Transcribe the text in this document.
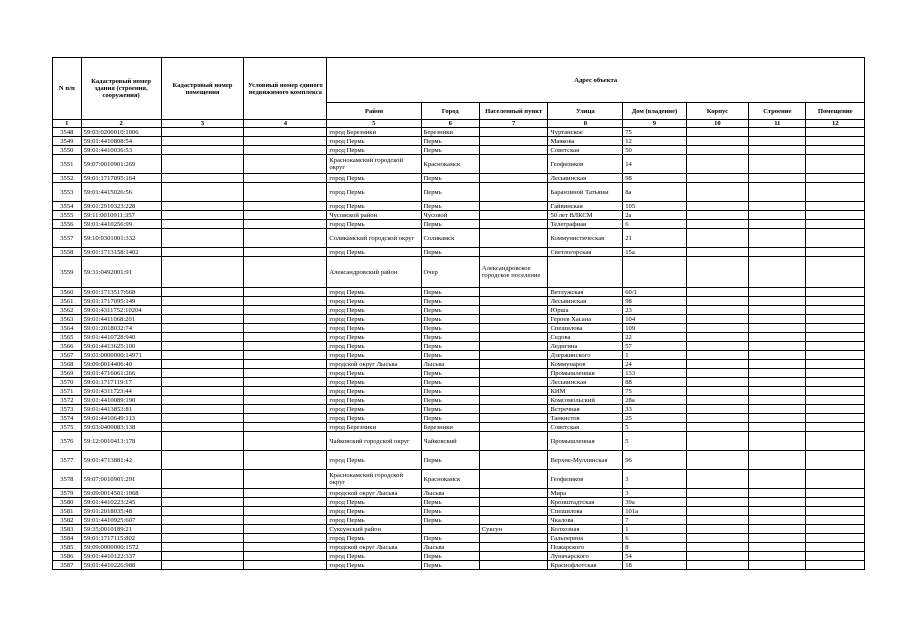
N п/п	Кадастровый номер здания (строения, сооружения)	Кадастровый номер помещения	Условный номер единого недвижимого комплекса	Адрес объекта							
				Район	Город	Населенный пункт	Улица	Дом (владение)	Корпус	Строение	Помещение
1	2	3	4	5	6	7	8	9	10	11	12
3548	59:03:0200010:1006			город Березники	Березники		Чуртанское	75			
3549	59:01:4410808:54			город Пермь	Пермь		Маякова	12			
3550	59:01:4410036:53			город Пермь	Пермь		Советская	50			
3551	59:07:0010901:269			Краснокамский городской округ	Краснокамск		Геофизиков	14			
3552	59:01:1717095:164			город Пермь	Пермь		Лесьвинская	98			
3553	59:01:4415026:56			город Пермь	Пермь		Баранзиной Татьяны	8а			
3554	59:01:2910323:228			город Пермь	Пермь		Гайвинская	105			
3555	59:11:0010911:357			Чусовской район	Чусовой		50 лет ВЛКСМ	2а			
3556	59:01:4410256:99			город Пермь	Пермь		Телеграфная	6			
3557	59:10:0301001:332			Соликамский городской округ	Соликамск		Коммунистическая	21			
3558	59:01:1713158:1402			город Пермь	Пермь		Светлогорская	15а			
3559	59:31:0492001:91			Александровский район	Очер	Александровское городское поселение					
3560	59:01:1713517:668			город Пермь	Пермь		Ветлужская	60/1			
3561	59:01:1717095:149			город Пермь	Пермь		Лесьвинская	98			
3562	59:01:4311752:10204			город Пермь	Пермь		Юрша	23			
3563	59:01:4411068:201			город Пермь	Пермь		Героев Хасана	104			
3564	59:01:2018032:74			город Пермь	Пермь		Спешилова	109			
3565	59:01:4410728:940			город Пермь	Пермь		Седова	22			
3566	59:01:4413625:100			город Пермь	Пермь		Леднгина	57			
3567	59:01:0000000:14971			город Пермь	Пермь		Дзержинского	1			
3568	59:09:0014406:40			городской округ Лысьва	Лысьва		Коммунаров	24			
3569	59:01:4716061:266			город Пермь	Пермь		Промышленная	133			
3570	59:01:1717119:17			город Пермь	Пермь		Лесьвинская	88			
3571	59:01:4311723:44			город Пермь	Пермь		КИМ	75			
3572	59:01:4410089:190			город Пермь	Пермь		Комсомольский	28а			
3573	59:01:4413853:81			город Пермь	Пермь		Встречная	33			
3574	59:01:4410649:113			город Пермь	Пермь		Танкистов	25			
3575	59:03:0400083:138			город Березники	Березники		Советская	5			
3576	59:12:0010413:178			Чайковский городской округ	Чайковский		Промышленная	5			
3577	59:01:4713881:42			город Пермь	Пермь		Верхне-Муллинская	96			
3578	59:07:0010901:291			Краснокамский городской округ	Краснокамск		Геофизиков	3			
3579	59:09:0014501:1068			городской округ Лысьва	Лысьва		Мира	3			
3580	59:01:4410223:245			город Пермь	Пермь		Кронштадтская	39а			
3581	59:01:2018035:48			город Пермь	Пермь		Спешилова	101а			
3582	59:01:4410925:607			город Пермь	Пермь		Чкалова	7			
3583	59:35:0010189:21			Суксунский район		Суксун	Колхозная	1			
3584	59:01:1717115:802			город Пермь	Пермь		Гальперина	6			
3585	59:09:0000000:1572			городской округ Лысьва	Лысьва		Пожарского	8			
3586	59:01:4410122:337			город Пермь	Пермь		Луначарского	54			
3587	59:01:4410226:988			город Пермь	Пермь		Краснофлотская	18			
